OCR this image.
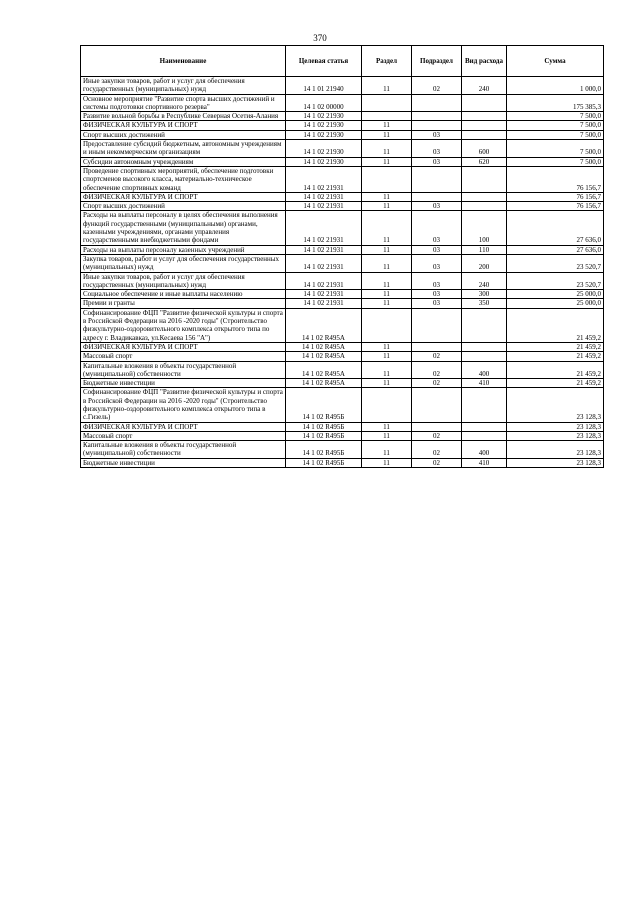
370
Наименование	Целевая статья	Раздел	Подраздел	Вид расхода	Сумма
Иные закупки товаров, работ и услуг для обеспечения государственных (муниципальных) нужд	14 1 01 21940	11	02	240	1 000,0
Основное мероприятие "Развитие спорта высших достижений и системы подготовки спортивного резерва"	14 1 02 00000				175 385,3
Развитие вольной борьбы в Республике Северная Осетия-Алания	14 1 02 21930				7 500,0
ФИЗИЧЕСКАЯ КУЛЬТУРА И СПОРТ	14 1 02 21930	11			7 500,0
Спорт высших достижений	14 1 02 21930	11	03		7 500,0
Предоставление субсидий бюджетным, автономным учреждениям и иным некоммерческим организациям	14 1 02 21930	11	03	600	7 500,0
Субсидии автономным учреждениям	14 1 02 21930	11	03	620	7 500,0
Проведение спортивных мероприятий, обеспечение подготовки спортсменов высокого класса, материально-техническое обеспечение спортивных команд	14 1 02 21931				76 156,7
ФИЗИЧЕСКАЯ КУЛЬТУРА И СПОРТ	14 1 02 21931	11			76 156,7
Спорт высших достижений	14 1 02 21931	11	03		76 156,7
Расходы на выплаты персоналу в целях обеспечения выполнения функций государственными (муниципальными) органами, казенными учреждениями, органами управления государственными внебюджетными фондами	14 1 02 21931	11	03	100	27 636,0
Расходы на выплаты персоналу казенных учреждений	14 1 02 21931	11	03	110	27 636,0
Закупка товаров, работ и услуг для обеспечения государственных (муниципальных) нужд	14 1 02 21931	11	03	200	23 520,7
Иные закупки товаров, работ и услуг для обеспечения государственных (муниципальных) нужд	14 1 02 21931	11	03	240	23 520,7
Социальное обеспечение и иные выплаты населению	14 1 02 21931	11	03	300	25 000,0
Премии и гранты	14 1 02 21931	11	03	350	25 000,0
Софинансирование ФЦП "Развитие физической культуры и спорта в Российской Федерации на 2016 -2020 годы" (Строительство физкультурно-оздоровительного комплекса открытого типа по адресу г. Владикавказ, ул.Кесаева 156 "А")	14 1 02 R495А				21 459,2
ФИЗИЧЕСКАЯ КУЛЬТУРА И СПОРТ	14 1 02 R495А	11			21 459,2
Массовый спорт	14 1 02 R495А	11	02		21 459,2
Капитальные вложения в объекты государственной (муниципальной) собственности	14 1 02 R495А	11	02	400	21 459,2
Бюджетные инвестиции	14 1 02 R495А	11	02	410	21 459,2
Софинансирование ФЦП "Развитие физической культуры и спорта в Российской Федерации на 2016 -2020 годы" (Строительство физкультурно-оздоровительного комплекса открытого типа в с.Гизель)	14 1 02 R495Б				23 128,3
ФИЗИЧЕСКАЯ КУЛЬТУРА И СПОРТ	14 1 02 R495Б	11			23 128,3
Массовый спорт	14 1 02 R495Б	11	02		23 128,3
Капитальные вложения в объекты государственной (муниципальной) собственности	14 1 02 R495Б	11	02	400	23 128,3
Бюджетные инвестиции	14 1 02 R495Б	11	02	410	23 128,3
